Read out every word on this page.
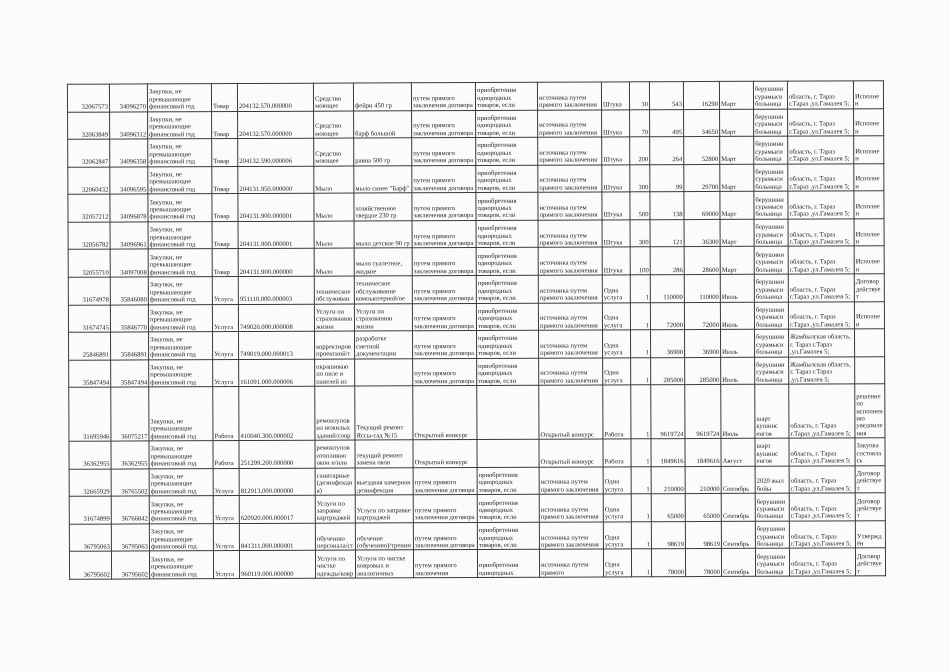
32067573	34096270	Закупки, не превышающие финансовый год	Товар	204132.570.000000	Средство моющее	фейри 450 гр	путем прямого заключения договора	приобретения однородных товаров, если	источника путем прямого заключения	Штука	30	543	16290	Март	берушинн сурамыси больница	область, г. Тараз г.Тараз ,ул.Гамалея 5;	Исполнен
32063849	34096312	Закупки, не превышающие финансовый год	Товар	204132.570.000000	Средство моющее	барф большой	путем прямого заключения договора	приобретения однородных товаров, если	источника путем прямого заключения	Штука	70	495	34650	Март	берушинн сурамыси больница	область, г. Тараз г.Тараз ,ул.Гамалея 5;	Исполнен
32062847	34096358	Закупки, не превышающие финансовый год	Товар	204132.590.000006	Средство моющее	равна 500 гр	путем прямого заключения договора	приобретения однородных товаров, если	источника путем прямого заключения	Штука	200	264	52800	Март	берушинн сурамыси больница	область, г. Тараз г.Тараз ,ул.Гамалея 5;	Исполнен
32060432	34096595	Закупки, не превышающие финансовый год	Товар	204131.950.000000	Мыло	мыло синее "Барф"	путем прямого заключения договора	приобретения однородных товаров, если	источника путем прямого заключения	Штука	300	99	29700	Март	берушинн сурамыси больница	область, г. Тараз г.Тараз ,ул.Гамалея 5;	Исполнен
32057212	34096878	Закупки, не превышающие финансовый год	Товар	204131.900.000001	Мыло	хозяйственное твердое 230 гр	путем прямого заключения договора	приобретения однородных товаров, если	источника путем прямого заключения	Штука	500	138	69000	Март	берушинн сурамыси больница	область, г. Тараз г.Тараз ,ул.Гамалея 5;	Исполнен
32056782	34096961	Закупки, не превышающие финансовый год	Товар	204131.900.000001	Мыло	мыло детское 90 гр	путем прямого заключения договора	приобретения однородных товаров, если	источника путем прямого заключения	Штука	300	121	36300	Март	берушинн сурамыси больница	область, г. Тараз г.Тараз ,ул.Гамалея 5;	Исполнен
32055710	34097008	Закупки, не превышающие финансовый год	Товар	204131.900.000000	Мыло	мыло туалетное, жидкое	путем прямого заключения договора	приобретения однородных товаров, если	источника путем прямого заключения	Штука	100	286	28600	Март	берушинн сурамыси больница	область, г. Тараз г.Тараз ,ул.Гамалея 5;	Исполнен
31674978	35846080	Закупки, не превышающие финансовый год	Услуга	951110.000.000003	техническое обслуживан	техническое обслуживание компьютерной/ое	путем прямого заключения договора	приобретения однородных товаров, если	источника путем прямого заключения	Одна услуга	1	110000	110000	Июль	берушинн сурамыси больница	область, г. Тараз г.Тараз ,ул.Гамалея 5;	Договор действует
31674745	35846770	Закупки, не превышающие финансовый год	Услуга	749020.000.000008	Услуги по страхованию жизни	Услуги по страхованию жизни	путем прямого заключения договора	приобретения однородных товаров, если	источника путем прямого заключения	Одна услуга	1	72000	72000	Июль	берушинн сурамыси больница	область, г. Тараз г.Тараз ,ул.Гамалея 5;	Исполнен
25846891	35846891	Закупки, не превышающие финансовый год	Услуга	749019.000.000013	корректиров проектной/т	разработке сметной документации	путем прямого заключения договора	приобретения однородных товаров, если	источника путем прямого заключения	Одна услуга	1	36900	36900	Июль	берушинн сурамыси больница	Жамбылская область, г. Тараз г.Тараз ,ул.Гамалея 5;	
35847494	35847494	Закупки, не превышающие финансовый год	Услуга	161091.000.000006	окрашиваю по пиле и панелей из		путем прямого заключения договора	приобретения однородных товаров, если	источника путем прямого заключения	Одна услуга	1	285000	285000	Июль	берушинн сурамыси больница	Жамбылская область, г. Тараз г.Тараз ,ул.Гамалея 5;	
31695946	36075217	Закупки, не превышающие финансовый год	Работа	410040.300.000002	ремонтупов на нежилых зданий/соор	Текущий ремонт Яссы-сад №15	Открытый конкурс		Открытый конкурс	Работа	1	9619724	9619724	Июль	шарт кушинс енгов	область, г. Тараз г.Тараз ,ул.Гамалея 5;	решение по исполнению уведомления
36362955	36362955	Закупки, не превышающие финансовый год	Работа	251299.200.000000	ремонтупов отопливно окон и/или	текущий ремонт замена окон	Открытый конкурс		Открытый конкурс	Работа	1	1849616	1849616	Август	шарт кушинс енгов	область, г. Тараз г.Тараз ,ул.Гамалея 5;	Закупка состоялась
32665929	36765502	Закупки, не превышающие финансовый год	Услуга	812913.000.000000	санитарные (дезинфекция)	выездная камерная дезинфекция	путем прямого заключения договора	приобретения однородных товаров, если	источника путем прямого заключения	Одна услуга	1	210000	210000	Сентябрь	2020 жыл бойы	область, г. Тараз г.Тараз ,ул.Гамалея 5;	Договор действует
31674899	36766842	Закупки, не превышающие финансовый год	Услуга	620920.000.000017	Услуги по заправке картриджей	Услуги по заправке картриджей	путем прямого заключения договора	приобретения однородных товаров, если	источника путем прямого заключения	Одна услуга	1	65000	65000	Сентябрь	берушинн сурамыси больница	область, г. Тараз г.Тараз ,ул.Гамалея 5;	Договор действует
36795063	36795063	Закупки, не превышающие финансовый год	Услуга	841311.000.000001	обучению персонала/ст	обучение (обучению)/тренин	путем прямого заключения договора	приобретения однородных товаров, если	источника путем прямого заключения	Одна услуга	1	98619	98619	Сентябрь	берушинн сурамыси больница	область, г. Тараз г.Тараз ,ул.Гамалея 5;	Утверждён
36795602	36795602	Закупки, не превышающие финансовый год	Услуга	960119.000.000000	Услуги по чистке одежды/ковр	Услуги по чистке ковровых и аналогичных	путем прямого заключения	приобретения однородных	источника путем прямого	Одна услуга	1	78000	78000	Сентябрь	берушинн сурамыси больница	область, г. Тараз г.Тараз ,ул.Гамалея 5;	Договор действует
